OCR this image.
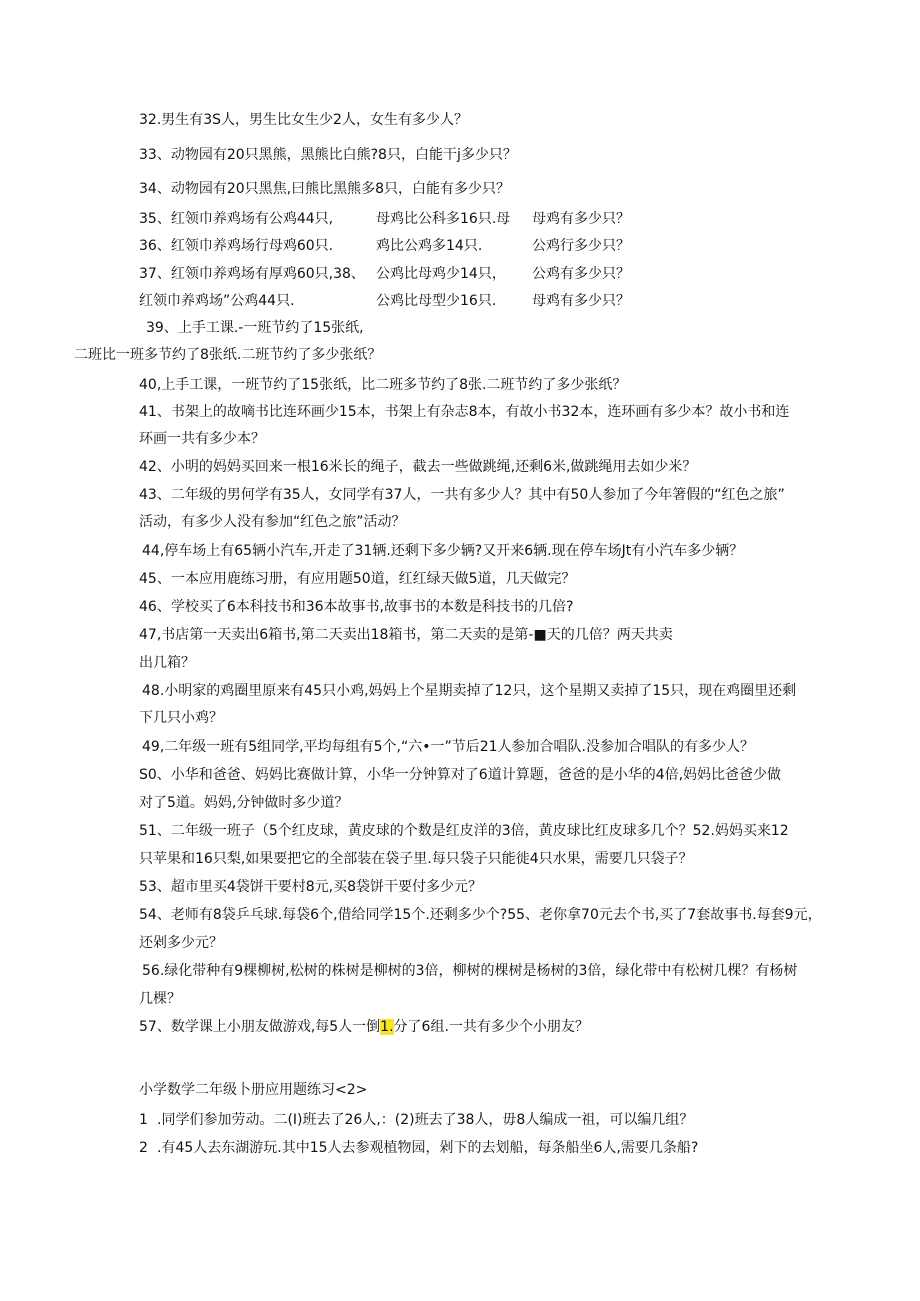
32.男生有3S人，男生比女生少2人，女生有多少人？
33、动物园有20只黑熊，黑熊比白熊?8只，白能干j多少只？
34、动物园有20只黑焦,曰熊比黑熊多8只，白能有多少只？
35、红领巾养鸡场有公鸡44只,	母鸡比公科多16只.母 母鸡有多少只？
36、红领巾养鸡场行母鸡60只.	鸡比公鸡多14只.	公鸡行多少只？
37、红领巾养鸡场有厚鸡60只,38、 公鸡比母鸡少14只， 公鸡有多少只？
红领巾养鸡场”公鸡44只.	公鸡比母型少16只.	母鸡有多少只？
39、上手工课.-一班节约了15张纸,
二班比一班多节约了8张纸.二班节约了多少张纸？
40,上手工课，一班节约了15张纸，比二班多节约了8张.二班节约了多少张纸？
41、书架上的故嘀书比连环画少15本，书架上有杂志8本，有故小书32本，连环画有多少本？故小书和连
环画一共有多少本？
42、小明的妈妈买回来一根16米长的绳子，截去一些做跳绳,还剩6米,做跳绳用去如少米？
43、二年级的男何学有35人，女同学有37人，一共有多少人？其中有50人参加了今年箸假的“红色之旅”
活动，有多少人没有参加“红色之旅”活动？
44,停车场上有65辆小汽车,开走了31辆.还剩下多少辆?又开来6辆.现在停车场Jt有小汽车多少辆？
45、一本应用鹿练习册，有应用题50道，红红绿天做5道，几天做完？
46、学校买了6本科技书和36本故事书,故事书的本数是科技书的几倍?
47,书店第一天卖出6箱书,第二天卖出18箱书，第二天卖的是第-■天的几倍？两天共卖
出几箱？
48.小明家的鸡圈里原来有45只小鸡,妈妈上个星期卖掉了12只，这个星期又卖掉了15只，现在鸡圈里还剩
下几只小鸡？
49,二年级一班有5组同学,平均每组有5个,“六•一”节后21人参加合唱队.没参加合唱队的有多少人？
S0、小华和爸爸、妈妈比赛做计算，小华一分钟算对了6道计算题，爸爸的是小华的4倍,妈妈比爸爸少做
对了5道。妈妈,分钟做时多少道？
51、二年级一班子（5个红皮球，黄皮球的个数是红皮洋的3倍，黄皮球比红皮球多几个？52.妈妈买来12
只苹果和16只梨,如果要把它的全部装在袋子里.每只袋子只能徙4只水果，需要几只袋子？
53、超市里买4袋饼干要村8元,买8袋饼干要付多少元？
54、老师有8袋乒乓球.每袋6个,借给同学15个.还剩多少个?55、老你拿70元去个书,买了7套故事书.每套9元，
还剁多少元？
56.绿化带种有9棵柳树,松树的株树是柳树的3倍，柳树的棵树是杨树的3倍，绿化带中有松树几棵？有杨树
几棵？
57、数学课上小朋友做游戏,每5人一倒1.分了6组.一共有多少个小朋友？
小学数学二年级卜册应用题练习<2>
1 .同学们参加劳动。二(I)班去了26人,：(2)班去了38人，毋8人编成一祖，可以编几组？
2 .有45人去东湖游玩.其中15人去参观植物园，剁下的去划船，每条船坐6人,需要几条船?
